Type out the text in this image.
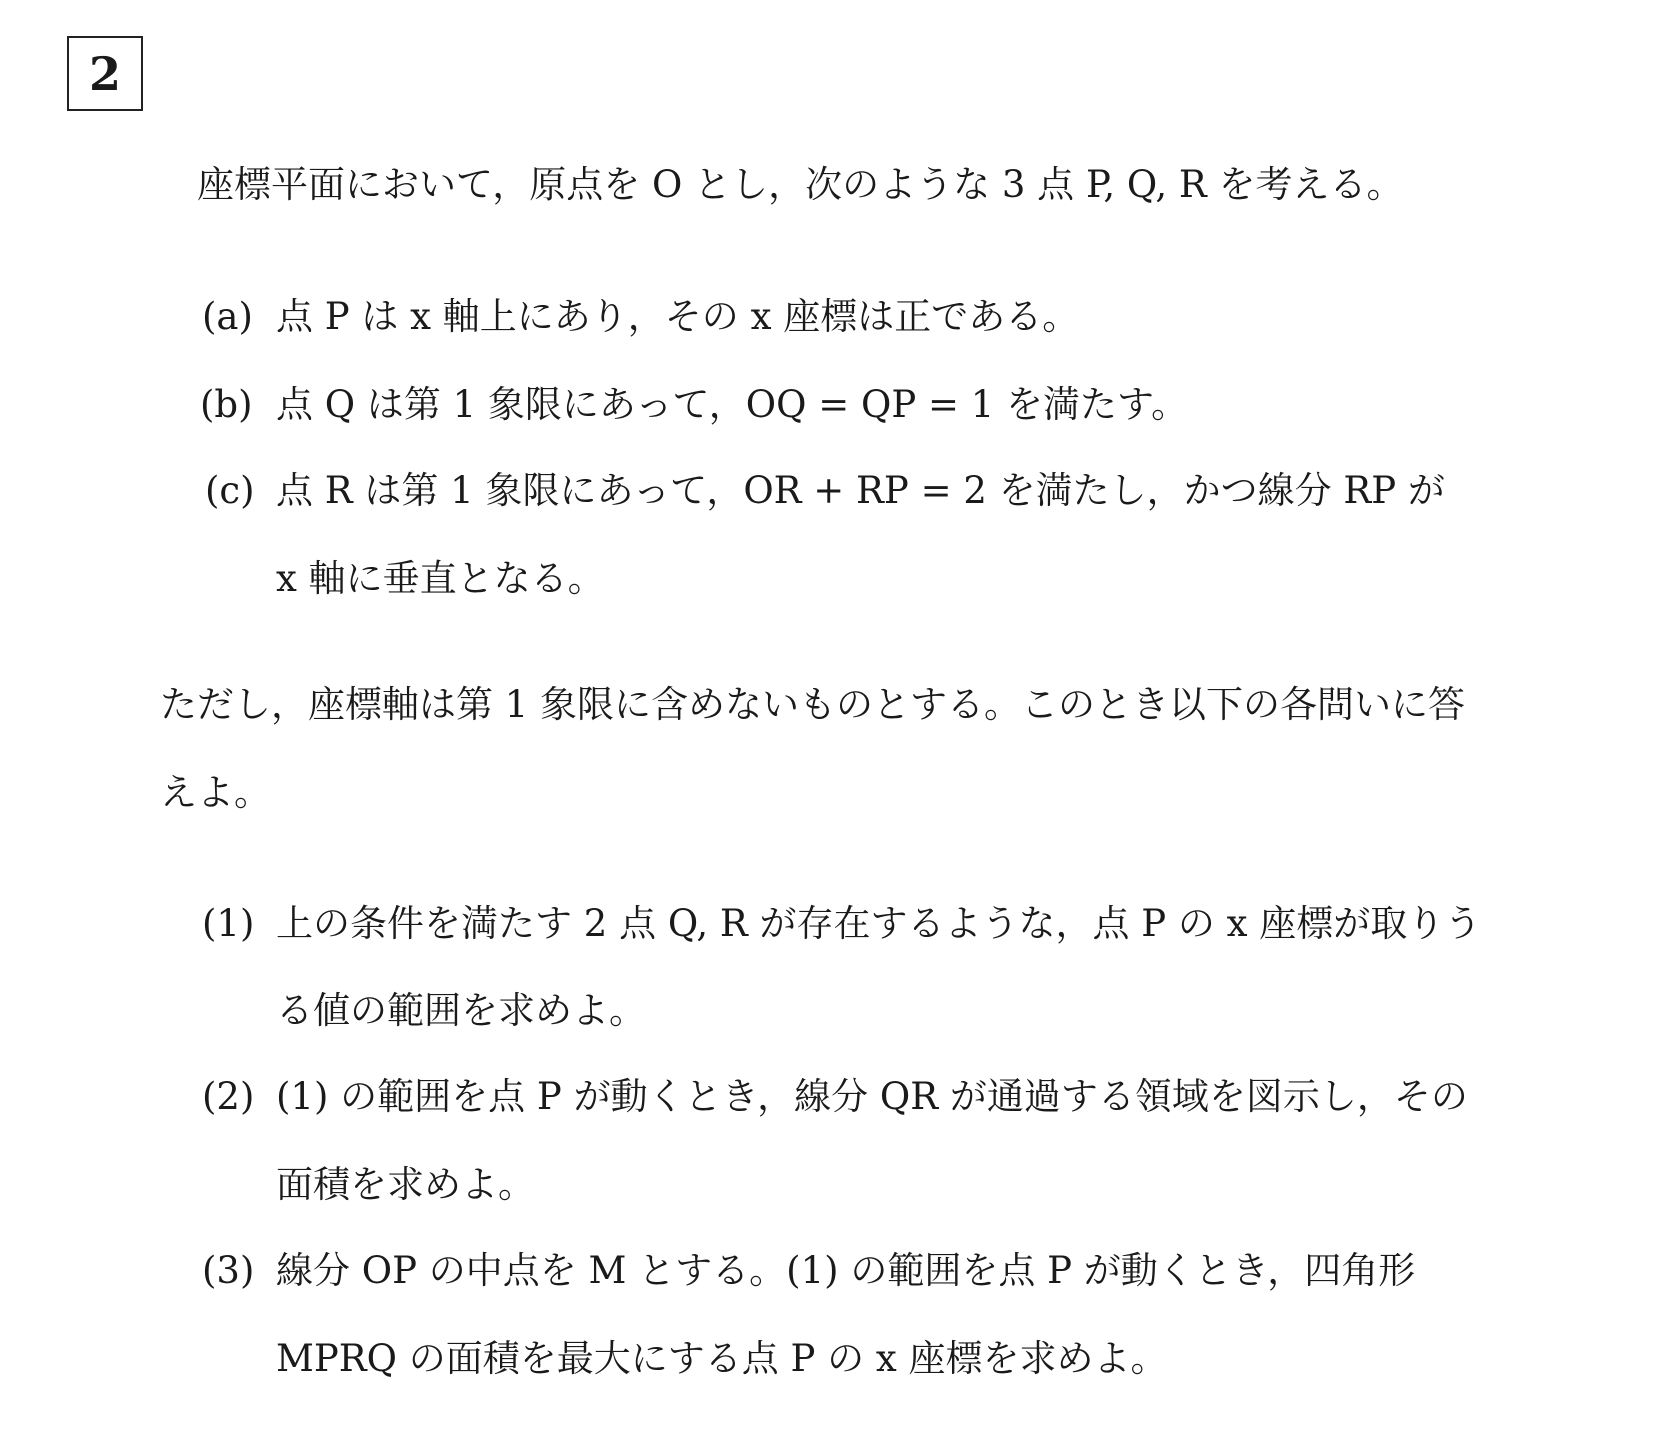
2
座標平面において，原点を O とし，次のような 3 点 P, Q, R を考える。
(a) 点 P は x 軸上にあり，その x 座標は正である。
(b) 点 Q は第 1 象限にあって，OQ = QP = 1 を満たす。
(c) 点 R は第 1 象限にあって，OR + RP = 2 を満たし，かつ線分 RP が
x 軸に垂直となる。
ただし，座標軸は第 1 象限に含めないものとする。このとき以下の各問いに答
えよ。
(1) 上の条件を満たす 2 点 Q, R が存在するような，点 P の x 座標が取りう
る値の範囲を求めよ。
(2) (1) の範囲を点 P が動くとき，線分 QR が通過する領域を図示し，その
面積を求めよ。
(3) 線分 OP の中点を M とする。(1) の範囲を点 P が動くとき，四角形
MPRQ の面積を最大にする点 P の x 座標を求めよ。
